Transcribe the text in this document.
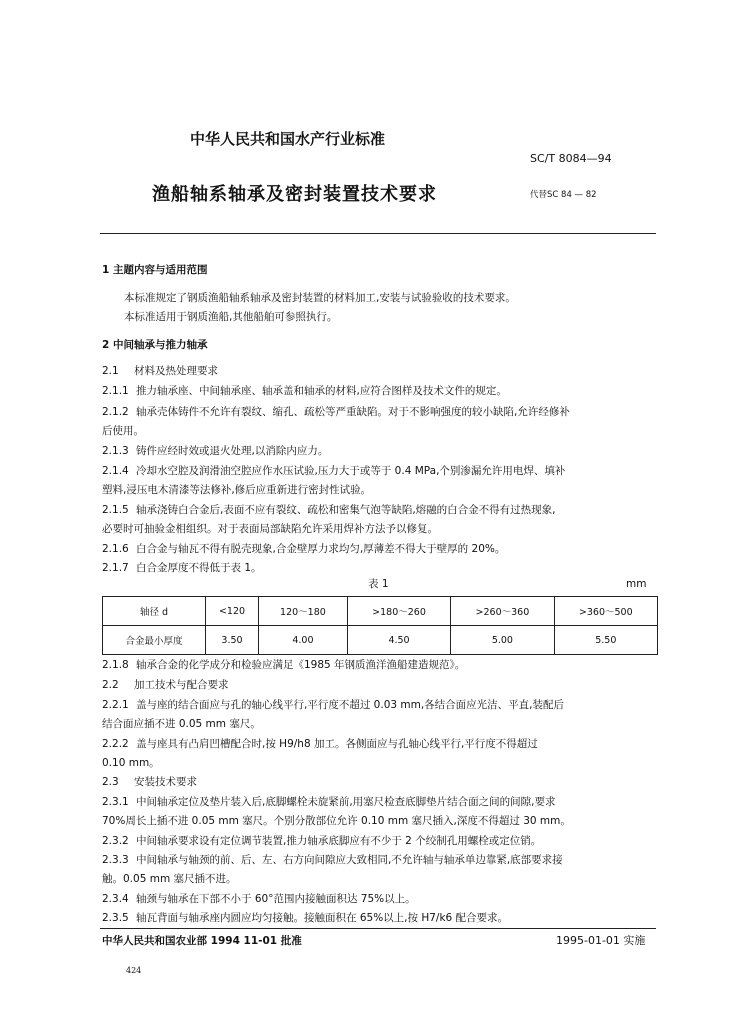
中华人民共和国水产行业标准
SC/T 8084—94
渔船轴系轴承及密封装置技术要求	代替SC 84 — 82
1 主题内容与适用范围
本标准规定了钢质渔船轴系轴承及密封装置的材料加工,安装与试验验收的技术要求。
本标准适用于钢质渔船,其他船舶可参照执行。
2 中间轴承与推力轴承
2.1 材料及热处理要求
2.1.1 推力轴承座、中间轴承座、轴承盖和轴承的材料,应符合图样及技术文件的规定。
2.1.2 轴承壳体铸件不允许有裂纹、缩孔、疏松等严重缺陷。对于不影响强度的较小缺陷,允许经修补
后使用。
2.1.3 铸件应经时效或退火处理,以消除内应力。
2.1.4 冷却水空腔及润滑油空腔应作水压试验,压力大于或等于 0.4 MPa,个别渗漏允许用电焊、填补
塑料,浸压电木清漆等法修补,修后应重新进行密封性试验。
2.1.5 轴承浇铸白合金后,表面不应有裂纹、疏松和密集气泡等缺陷,熔融的白合金不得有过热现象,
必要时可抽验金相组织。对于表面局部缺陷允许采用焊补方法予以修复。
2.1.6 白合金与轴瓦不得有脱壳现象,合金壁厚力求均匀,厚薄差不得大于壁厚的 20%。
2.1.7 白合金厚度不得低于表 1。
表 1	mm
轴径 d	<120	120～180	>180～260	>260～360	>360～500
合金最小厚度	3.50	4.00	4.50	5.00	5.50
2.1.8 轴承合金的化学成分和检验应满足《1985 年钢质渔洋渔船建造规范》。
2.2 加工技术与配合要求
2.2.1 盖与座的结合面应与孔的轴心线平行,平行度不超过 0.03 mm,各结合面应光洁、平直,装配后
结合面应插不进 0.05 mm 塞尺。
2.2.2 盖与座具有凸肩凹槽配合时,按 H9/h8 加工。各侧面应与孔轴心线平行,平行度不得超过
0.10 mm。
2.3 安装技术要求
2.3.1 中间轴承定位及垫片装入后,底脚螺栓未旋紧前,用塞尺检查底脚垫片结合面之间的间隙,要求
70%周长上插不进 0.05 mm 塞尺。个别分散部位允许 0.10 mm 塞尺插入,深度不得超过 30 mm。
2.3.2 中间轴承要求设有定位调节装置,推力轴承底脚应有不少于 2 个绞制孔用螺栓或定位销。
2.3.3 中间轴承与轴颈的前、后、左、右方向间隙应大致相同,不允许轴与轴承单边靠紧,底部要求接
触。0.05 mm 塞尺插不进。
2.3.4 轴颈与轴承在下部不小于 60°范围内接触面积达 75%以上。
2.3.5 轴瓦背面与轴承座内圆应均匀接触。接触面积在 65%以上,按 H7/k6 配合要求。
中华人民共和国农业部 1994 11-01 批准	1995-01-01 实施
424
